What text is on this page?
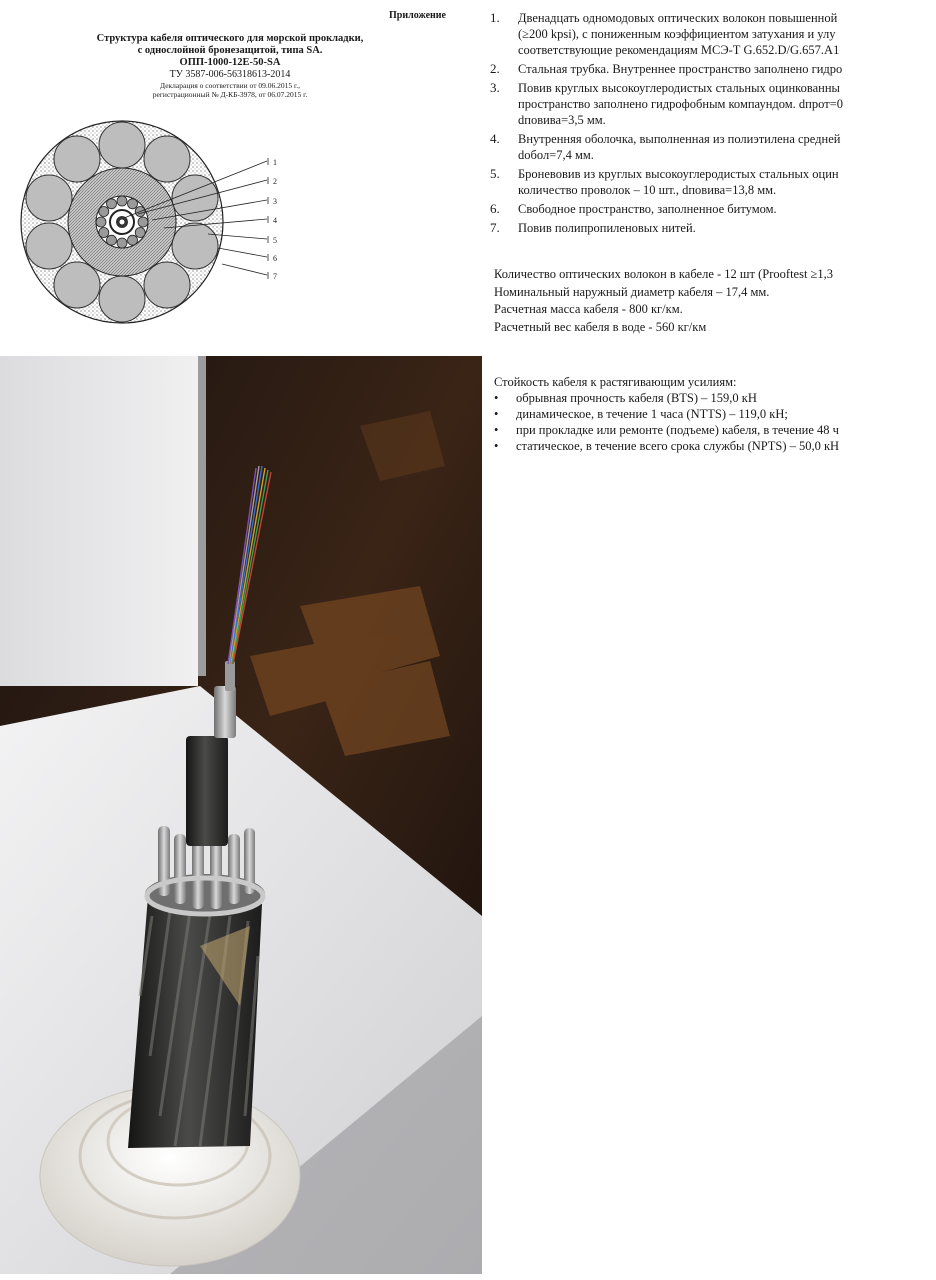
Приложение
Структура кабеля оптического для морской прокладки,
с однослойной бронезащитой, типа SA.
ОПП-1000-12Е-50-SA
ТУ 3587-006-56318613-2014
Декларация о соответствии от 09.06.2015 г.,
регистрационный № Д-КБ-3978, от 06.07.2015 г.
1
2
3
4
5
6
7
1. Двенадцать одномодовых оптических волокон повышенной
(≥200 kpsi), с пониженным коэффициентом затухания и улу
соответствующие рекомендациям МСЭ-Т G.652.D/G.657.A1
2. Стальная трубка. Внутреннее пространство заполнено гидро
3. Повив круглых высокоуглеродистых стальных оцинкованны
пространство заполнено гидрофобным компаундом. dпрот=0
dповива=3,5 мм.
4. Внутренняя оболочка, выполненная из полиэтилена средней
dобол=7,4 мм.
5. Броневовив из круглых высокоуглеродистых стальных оцин
количество проволок – 10 шт., dповива=13,8 мм.
6. Свободное пространство, заполненное битумом.
7. Повив полипропиленовых нитей.
Количество оптических волокон в кабеле - 12 шт (Prooftest ≥1,3
Номинальный наружный диаметр кабеля – 17,4 мм.
Расчетная масса кабеля - 800 кг/км.
Расчетный вес кабеля в воде - 560 кг/км
Стойкость кабеля к растягивающим усилиям:
• обрывная прочность кабеля (BTS) – 159,0 кН
• динамическое, в течение 1 часа (NTTS) – 119,0 кН;
• при прокладке или ремонте (подъеме) кабеля, в течение 48 ч
• статическое, в течение всего срока службы (NPTS) – 50,0 кН
